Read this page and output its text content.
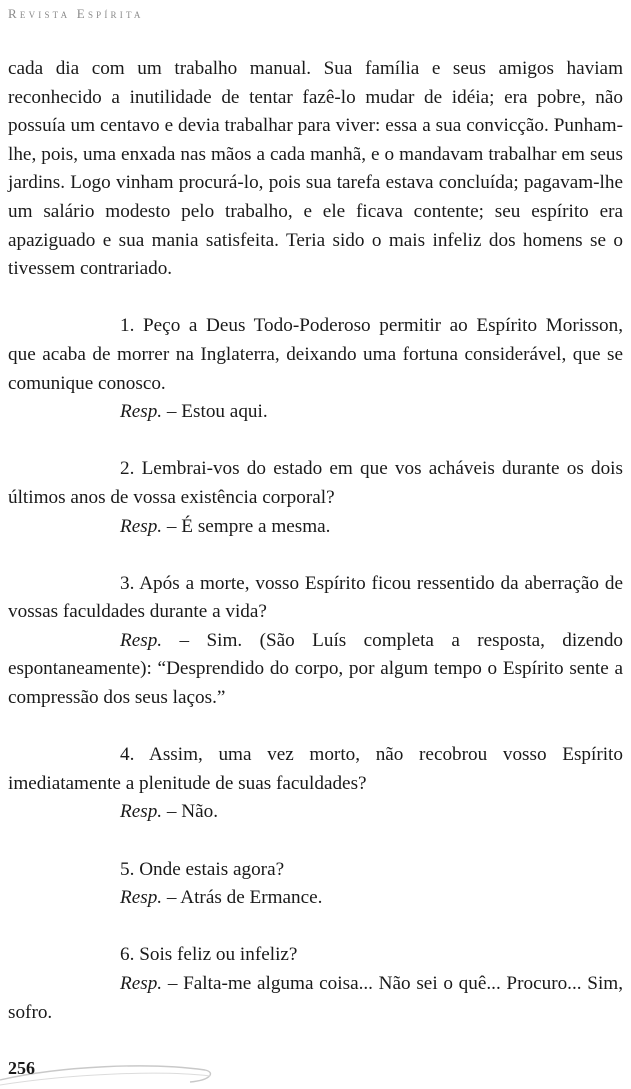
Revista Espírita

cada dia com um trabalho manual. Sua família e seus amigos haviam reconhecido a inutilidade de tentar fazê-lo mudar de idéia; era pobre, não possuía um centavo e devia trabalhar para viver: essa a sua convicção. Punham-lhe, pois, uma enxada nas mãos a cada manhã, e o mandavam trabalhar em seus jardins. Logo vinham procurá-lo, pois sua tarefa estava concluída; pagavam-lhe um salário modesto pelo trabalho, e ele ficava contente; seu espírito era apaziguado e sua mania satisfeita. Teria sido o mais infeliz dos homens se o tivessem contrariado.

1. Peço a Deus Todo-Poderoso permitir ao Espírito Morisson, que acaba de morrer na Inglaterra, deixando uma fortuna considerável, que se comunique conosco.

Resp. – Estou aqui.

2. Lembrai-vos do estado em que vos acháveis durante os dois últimos anos de vossa existência corporal?

Resp. – É sempre a mesma.

3. Após a morte, vosso Espírito ficou ressentido da aberração de vossas faculdades durante a vida?

Resp. – Sim. (São Luís completa a resposta, dizendo espontaneamente): “Desprendido do corpo, por algum tempo o Espírito sente a compressão dos seus laços.”

4. Assim, uma vez morto, não recobrou vosso Espírito imediatamente a plenitude de suas faculdades?

Resp. – Não.

5. Onde estais agora?

Resp. – Atrás de Ermance.

6. Sois feliz ou infeliz?

Resp. – Falta-me alguma coisa... Não sei o quê... Procuro... Sim, sofro.

256
